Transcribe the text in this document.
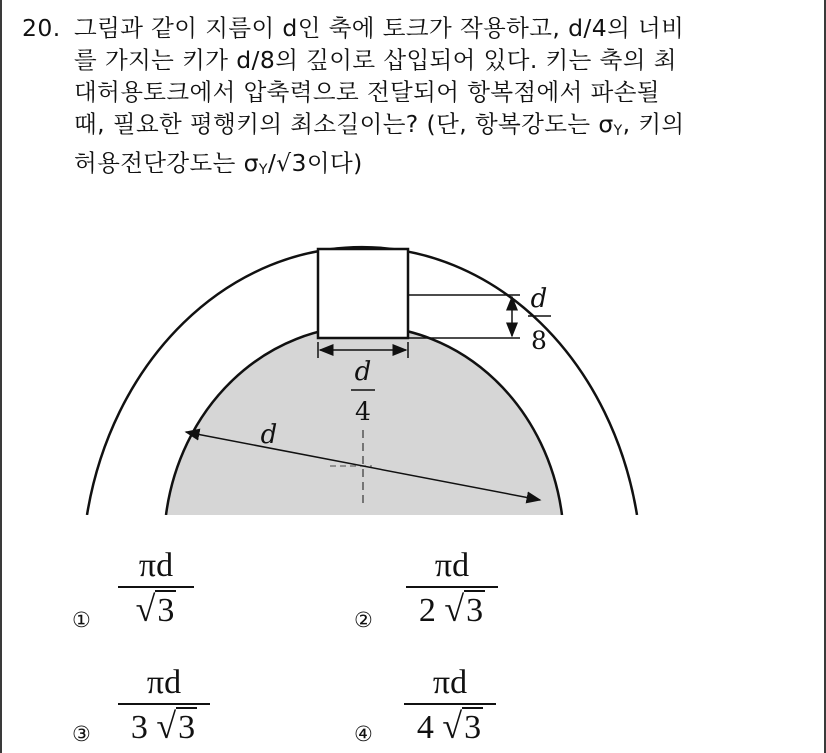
20. 그림과 같이 지름이 d인 축에 토크가 작용하고, d/4의 너비
를 가지는 키가 d/8의 깊이로 삽입되어 있다. 키는 축의 최
대허용토크에서 압축력으로 전달되어 항복점에서 파손될
때, 필요한 평행키의 최소길이는? (단, 항복강도는 $\sigma_Y$, 키의
허용전단강도는 $\sigma_Y/√3$이다)
d
8
d
4
d
①
πd
√3	②
πd
2 √3
③
πd
3 √3	④
πd
4 √3
